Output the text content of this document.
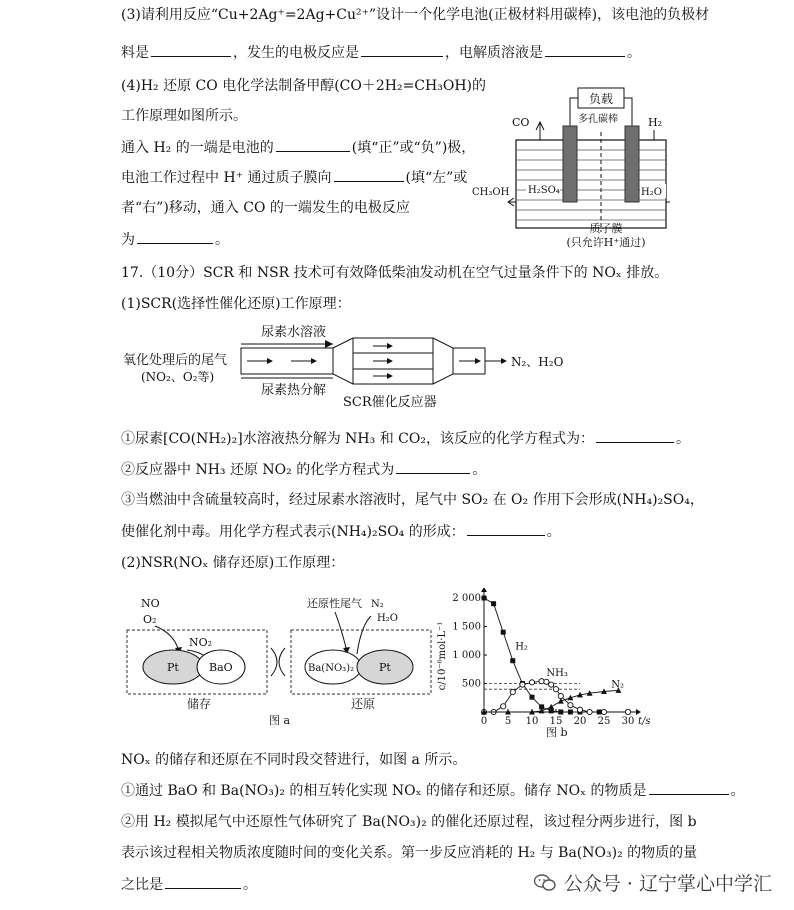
(3)请利用反应“Cu+2Ag⁺=2Ag+Cu²⁺”设计一个化学电池(正极材料用碳棒)，该电池的负极材
料是	，发生的电极反应是	，电解质溶液是	。
(4)H₂ 还原 CO 电化学法制备甲醇(CO＋2H₂=CH₃OH)的
工作原理如图所示。
通入 H₂ 的一端是电池的	(填“正”或“负”)极，
电池工作过程中 H⁺ 通过质子膜向	(填“左”或
者“右”)移动，通入 CO 的一端发生的电极反应
为	。
负载
多孔碳棒
CO	H₂
H₂SO₄	H₂O
CH₃OH
质子膜
(只允许H⁺通过)
17.（10分）SCR 和 NSR 技术可有效降低柴油发动机在空气过量条件下的 NOₓ 排放。
(1)SCR(选择性催化还原)工作原理：
尿素水溶液
氧化处理后的尾气
(NO₂、O₂等)
N₂、H₂O
尿素热分解
SCR催化反应器
①尿素[CO(NH₂)₂]水溶液热分解为 NH₃ 和 CO₂，该反应的化学方程式为：	。
②反应器中 NH₃ 还原 NO₂ 的化学方程式为	。
③当燃油中含硫量较高时，经过尿素水溶液时，尾气中 SO₂ 在 O₂ 作用下会形成(NH₄)₂SO₄，
使催化剂中毒。用化学方程式表示(NH₄)₂SO₄ 的形成：	。
(2)NSR(NOₓ 储存还原)工作原理：
NO
O₂
NO₂
Pt	BaO
储存
还原性尾气 N₂
H₂O
Ba(NO₃)₂ Pt
还原
图 a	0 5 10 15 20 25 30
500
1 000
1 500
2 000
t/s
c/10⁻⁶mol·L⁻¹	H₂
NH₃
N₂
图 b
NOₓ 的储存和还原在不同时段交替进行，如图 a 所示。
①通过 BaO 和 Ba(NO₃)₂ 的相互转化实现 NOₓ 的储存和还原。储存 NOₓ 的物质是	。
②用 H₂ 模拟尾气中还原性气体研究了 Ba(NO₃)₂ 的催化还原过程，该过程分两步进行，图 b
表示该过程相关物质浓度随时间的变化关系。第一步反应消耗的 H₂ 与 Ba(NO₃)₂ 的物质的量
之比是	。	公众号 · 辽宁掌心中学汇
